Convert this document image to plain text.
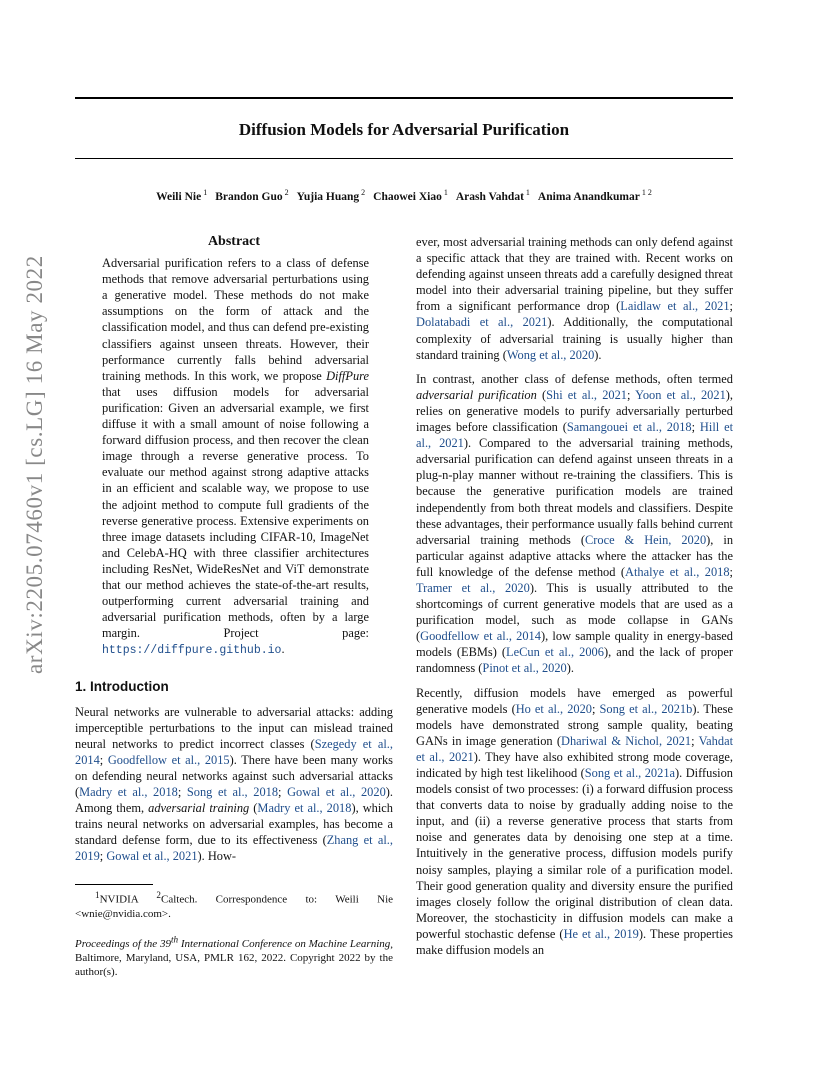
Diffusion Models for Adversarial Purification
Weili Nie $^1$ Brandon Guo $^2$ Yujia Huang $^2$ Chaowei Xiao $^1$ Arash Vahdat $^1$ Anima Anandkumar $^{1 2}$
arXiv:2205.07460v1 [cs.LG] 16 May 2022
Abstract
Adversarial purification refers to a class of defense methods that remove adversarial perturbations using a generative model. These methods do not make assumptions on the form of attack and the classification model, and thus can defend pre-existing classifiers against unseen threats. However, their performance currently falls behind adversarial training methods. In this work, we propose DiffPure that uses diffusion models for adversarial purification: Given an adversarial example, we first diffuse it with a small amount of noise following a forward diffusion process, and then recover the clean image through a reverse generative process. To evaluate our method against strong adaptive attacks in an efficient and scalable way, we propose to use the adjoint method to compute full gradients of the reverse generative process. Extensive experiments on three image datasets including CIFAR-10, ImageNet and CelebA-HQ with three classifier architectures including ResNet, WideResNet and ViT demonstrate that our method achieves the state-of-the-art results, outperforming current adversarial training and adversarial purification methods, often by a large margin. Project page: https://diffpure.github.io.
1. Introduction

Neural networks are vulnerable to adversarial attacks: adding imperceptible perturbations to the input can mislead trained neural networks to predict incorrect classes (Szegedy et al., 2014; Goodfellow et al., 2015). There have been many works on defending neural networks against such adversarial attacks (Madry et al., 2018; Song et al., 2018; Gowal et al., 2020). Among them, adversarial training (Madry et al., 2018), which trains neural networks on adversarial examples, has become a standard defense form, due to its effectiveness (Zhang et al., 2019; Gowal et al., 2021). How-

$^1$NVIDIA $^2$Caltech. Correspondence to: Weili Nie <wnie@nvidia.com>.
Proceedings of the 39th International Conference on Machine Learning, Baltimore, Maryland, USA, PMLR 162, 2022. Copyright 2022 by the author(s).

ever, most adversarial training methods can only defend against a specific attack that they are trained with. Recent works on defending against unseen threats add a carefully designed threat model into their adversarial training pipeline, but they suffer from a significant performance drop (Laidlaw et al., 2021; Dolatabadi et al., 2021). Additionally, the computational complexity of adversarial training is usually higher than standard training (Wong et al., 2020).

In contrast, another class of defense methods, often termed adversarial purification (Shi et al., 2021; Yoon et al., 2021), relies on generative models to purify adversarially perturbed images before classification (Samangouei et al., 2018; Hill et al., 2021). Compared to the adversarial training methods, adversarial purification can defend against unseen threats in a plug-n-play manner without re-training the classifiers. This is because the generative purification models are trained independently from both threat models and classifiers. Despite these advantages, their performance usually falls behind current adversarial training methods (Croce & Hein, 2020), in particular against adaptive attacks where the attacker has the full knowledge of the defense method (Athalye et al., 2018; Tramer et al., 2020). This is usually attributed to the shortcomings of current generative models that are used as a purification model, such as mode collapse in GANs (Goodfellow et al., 2014), low sample quality in energy-based models (EBMs) (LeCun et al., 2006), and the lack of proper randomness (Pinot et al., 2020).

Recently, diffusion models have emerged as powerful generative models (Ho et al., 2020; Song et al., 2021b). These models have demonstrated strong sample quality, beating GANs in image generation (Dhariwal & Nichol, 2021; Vahdat et al., 2021). They have also exhibited strong mode coverage, indicated by high test likelihood (Song et al., 2021a). Diffusion models consist of two processes: (i) a forward diffusion process that converts data to noise by gradually adding noise to the input, and (ii) a reverse generative process that starts from noise and generates data by denoising one step at a time. Intuitively in the generative process, diffusion models purify noisy samples, playing a similar role of a purification model. Their good generation quality and diversity ensure the purified images closely follow the original distribution of clean data. Moreover, the stochasticity in diffusion models can make a powerful stochastic defense (He et al., 2019). These properties make diffusion models an
